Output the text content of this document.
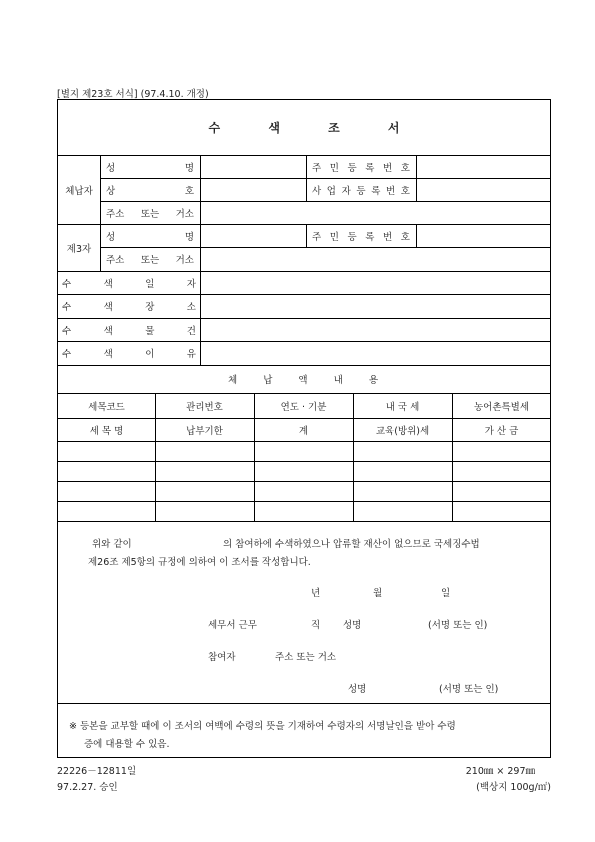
[별지 제23호 서식] (97.4.10. 개정)
수 색 조 서
체납자
성	명	주 민 등 록 번 호
상	호	사 업 자 등 록 번 호
주소 또는 거소
제3자
성	명	주 민 등 록 번 호
주소 또는 거소
수	색	일	자
수	색	장	소
수	색	물	건
수	색	이	유
체	납	액	내	용
세목코드	관리번호	연도 · 기분	내 국 세	농어촌특별세
세 목 명	납부기한	계	교육(방위)세	가 산 금
위와 같이	의 참여하에 수색하였으나 압류할 재산이 없으므로 국세징수법
제26조 제5항의 규정에 의하여 이 조서를 작성합니다.
년	월	일
세무서 근무	직 성명	(서명 또는 인)
참여자	주소 또는 거소
성명	(서명 또는 인)
※ 등본을 교부할 때에 이 조서의 여백에 수령의 뜻을 기재하여 수령자의 서명날인을 받아 수령
증에 대용할 수 있음.
22226－12811일
97.2.27. 승인
210㎜ × 297㎜
(백상지 100g/㎡)
